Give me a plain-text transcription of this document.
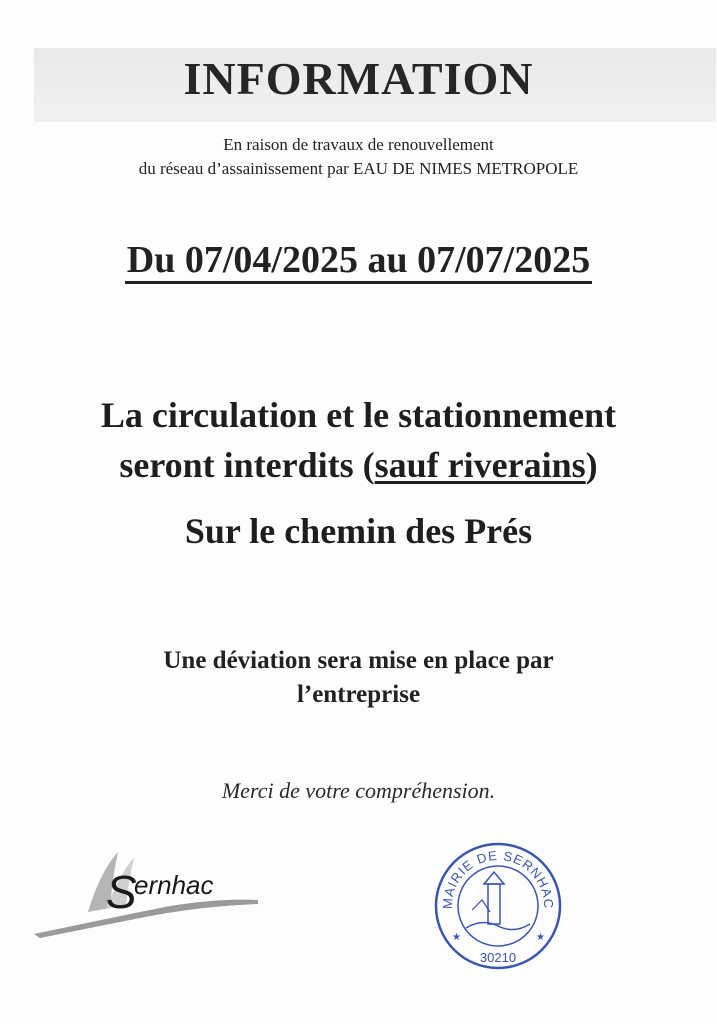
INFORMATION
En raison de travaux de renouvellement
du réseau d’assainissement par EAU DE NIMES METROPOLE
Du 07/04/2025 au 07/07/2025
La circulation et le stationnement
seront interdits (sauf riverains)
Sur le chemin des Prés
Une déviation sera mise en place par
l’entreprise
Merci de votre compréhension.
S
ernhac
MAIRIE DE SERNHAC
★	★
30210
